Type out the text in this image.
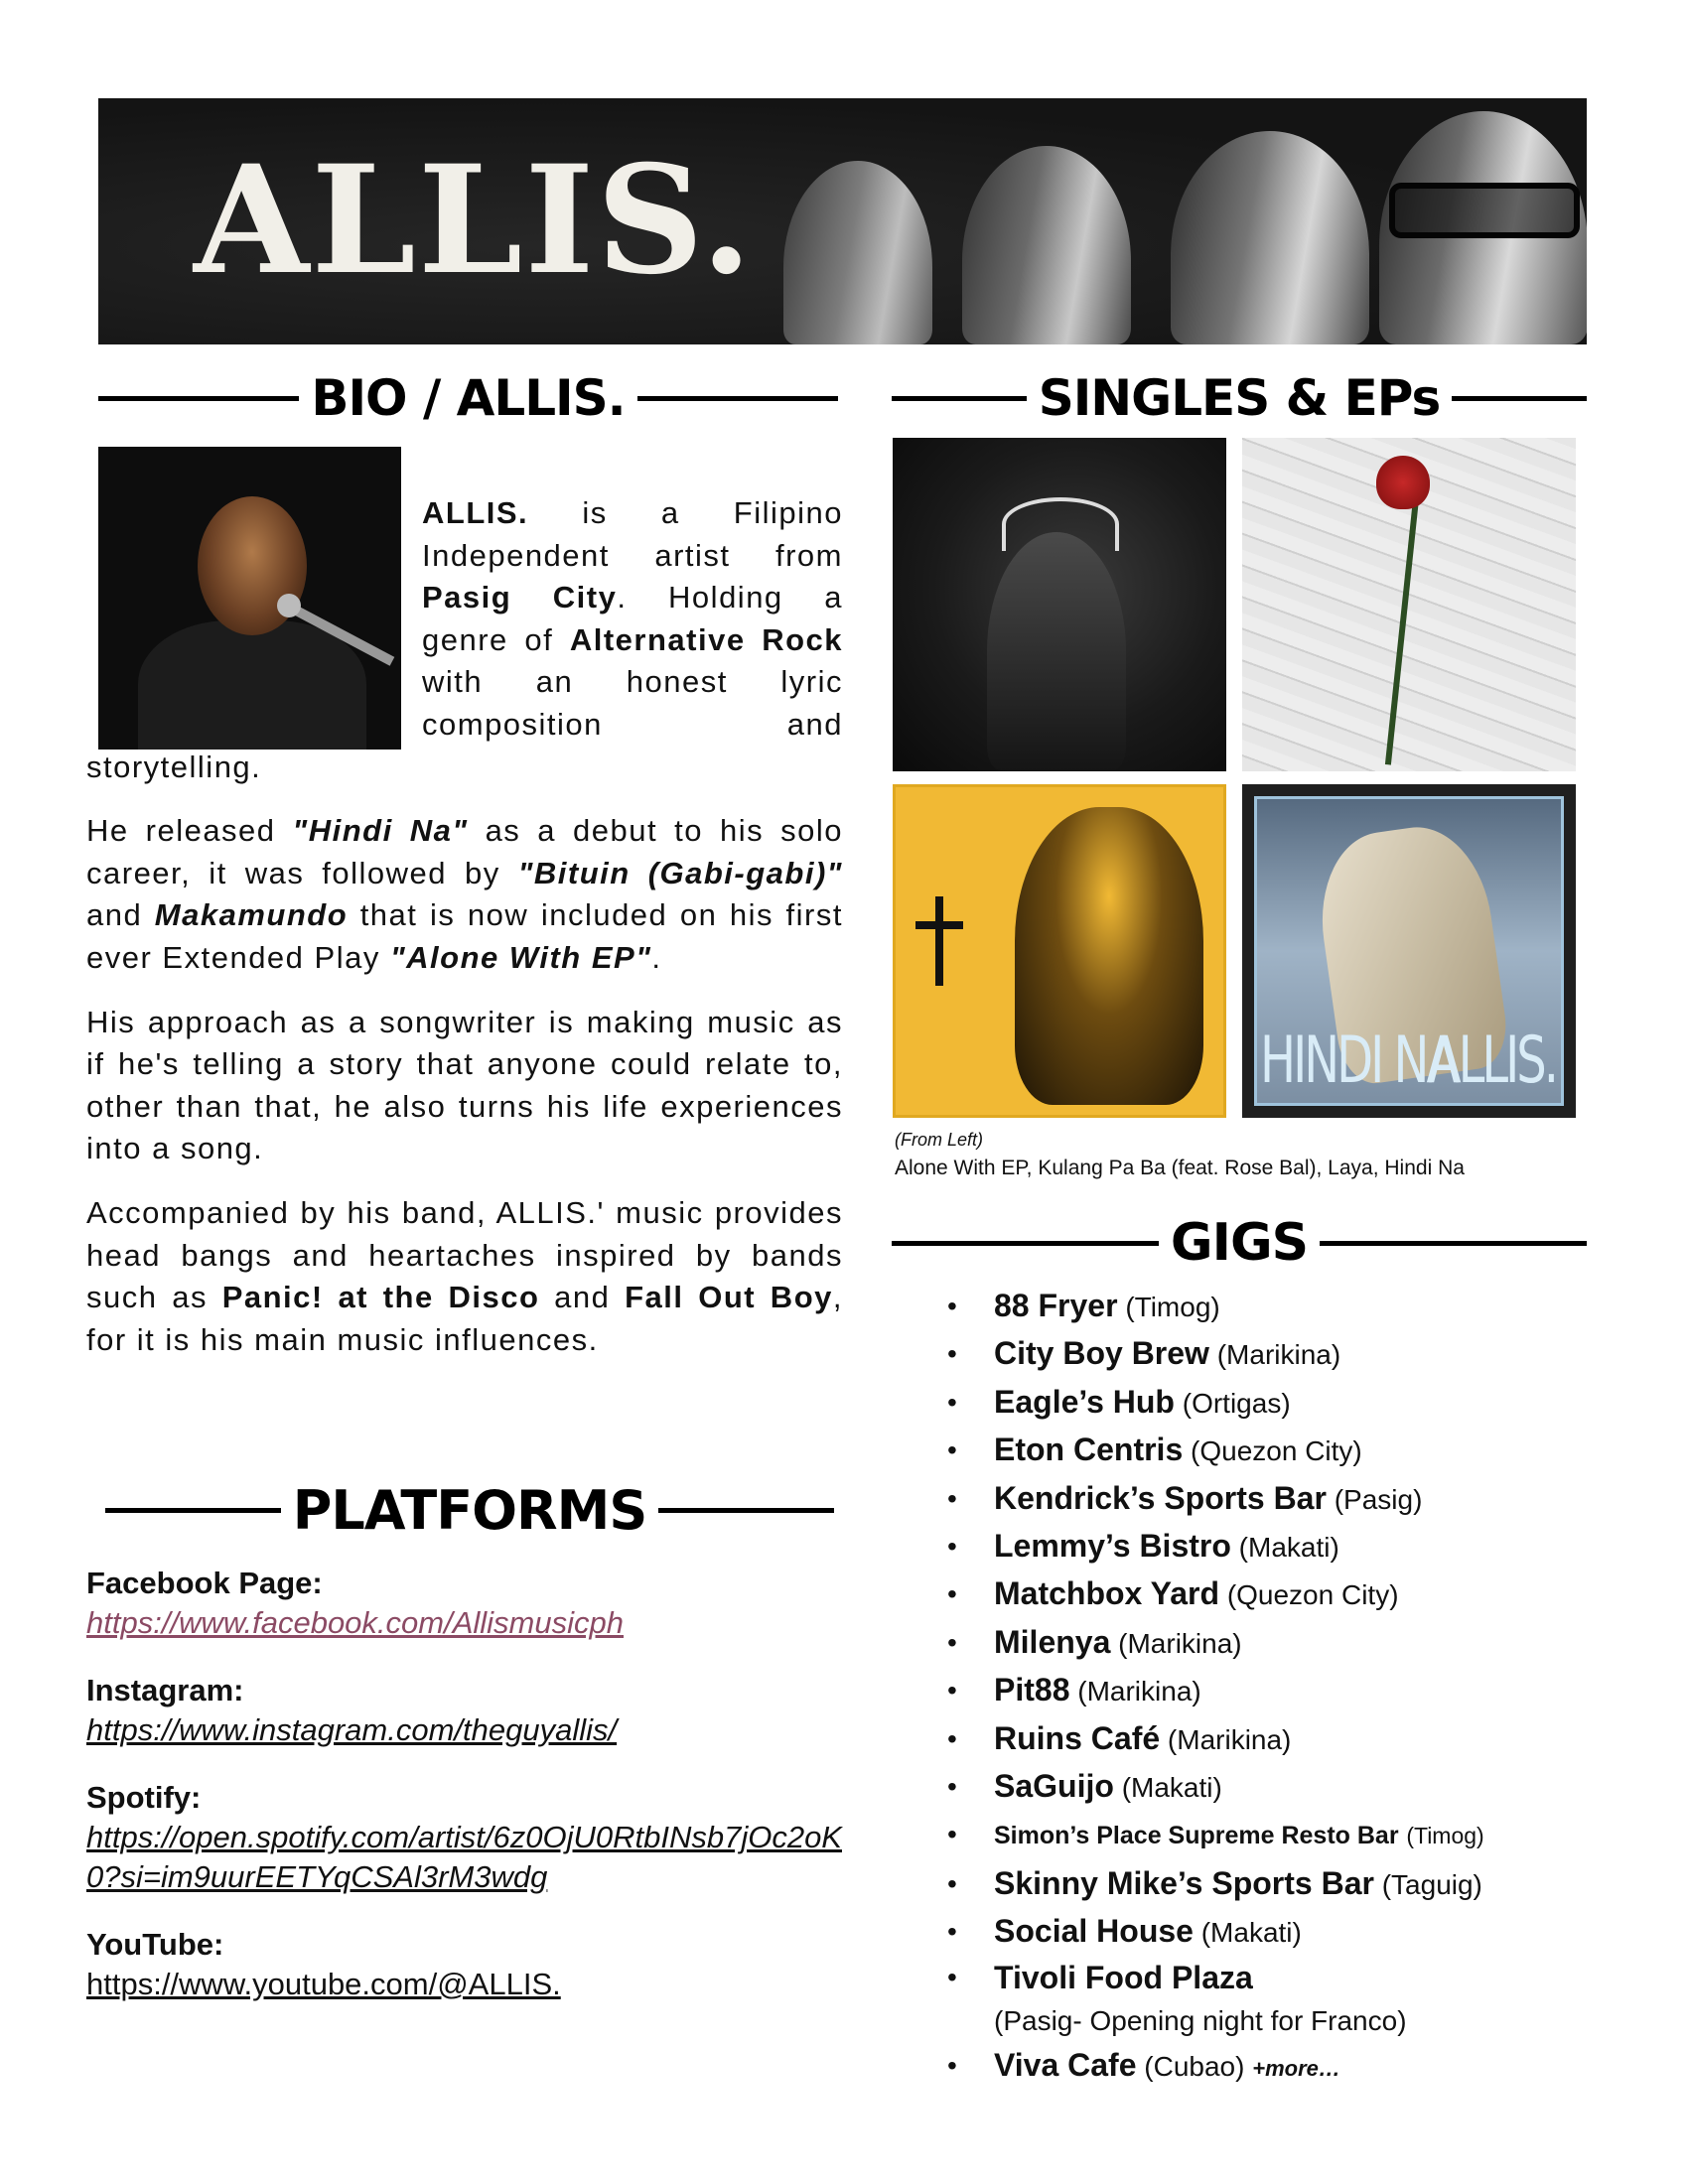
ALLIS.
BIO / ALLIS.	SINGLES & EPs

ALLIS. is a Filipino Independent artist from Pasig City. Holding a genre of Alternative Rock with an honest lyric composition and storytelling.

He released "Hindi Na" as a debut to his solo career, it was followed by "Bituin (Gabi-gabi)" and Makamundo that is now included on his first ever Extended Play "Alone With EP".

His approach as a songwriter is making music as if he's telling a story that anyone could relate to, other than that, he also turns his life experiences into a song.

Accompanied by his band, ALLIS.' music provides head bangs and heartaches inspired by bands such as Panic! at the Disco and Fall Out Boy, for it is his main music influences.

HINDI NA
ALLIS.
(From Left)
Alone With EP, Kulang Pa Ba (feat. Rose Bal), Laya, Hindi Na
GIGS
• 88 Fryer (Timog)
• City Boy Brew (Marikina)
• Eagle’s Hub (Ortigas)
• Eton Centris (Quezon City)
• Kendrick’s Sports Bar (Pasig)
• Lemmy’s Bistro (Makati)
• Matchbox Yard (Quezon City)
• Milenya (Marikina)
• Pit88 (Marikina)
• Ruins Café (Marikina)
• SaGuijo (Makati)
• Simon’s Place Supreme Resto Bar (Timog)
• Skinny Mike’s Sports Bar (Taguig)
• Social House (Makati)
• Tivoli Food Plaza
(Pasig- Opening night for Franco)
• Viva Cafe (Cubao) +more…
PLATFORMS
Facebook Page:
https://www.facebook.com/Allismusicph
Instagram:
https://www.instagram.com/theguyallis/
Spotify:
https://open.spotify.com/artist/6z0OjU0RtbINsb7jOc2oK0?si=im9uurEETYqCSAl3rM3wdg
YouTube:
https://www.youtube.com/@ALLIS.
